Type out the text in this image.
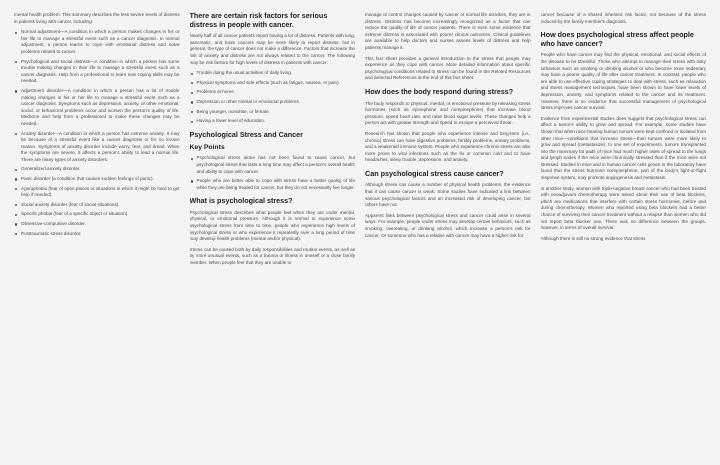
mental health problem. This summary describes the less severe levels of distress in patients living with cancer, including:

Normal adjustment—A condition in which a person makes changes in his or her life to manage a stressful event such as a cancer diagnosis. In normal adjustment, a person learns to cope with emotional distress and solve problems related to cancer.
Psychological and social distress—A condition in which a person has some trouble making changes in their life to manage a stressful event such as a cancer diagnosis. Help from a professional to learn new coping skills may be needed.
Adjustment disorder—A condition in which a person has a lot of trouble making changes in his or her life to manage a stressful event such as a cancer diagnosis. Symptoms such as depression, anxiety, or other emotional, social, or behavioral problems occur and worsen the person's quality of life. Medicine and help from a professional to make these changes may be needed.
Anxiety disorder—A condition in which a person has extreme anxiety. It may be because of a stressful event like a cancer diagnosis or for no known reason. Symptoms of anxiety disorder include worry, fear, and dread. When the symptoms are severe, it affects a person's ability to lead a normal life. There are many types of anxiety disorders:
Generalized anxiety disorder.
Panic disorder (a condition that causes sudden feelings of panic).
Agoraphobia (fear of open places or situations in which it might be hard to get help if needed).
Social anxiety disorder (fear of social situations).
Specific phobia (fear of a specific object or situation).
Obsessive-compulsive disorder.
Posttraumatic stress disorder.
There are certain risk factors for serious distress in people with cancer.

Nearly half of all cancer patients report having a lot of distress. Patients with lung, pancreatic, and brain cancers may be more likely to report distress, but in general, the type of cancer does not make a difference. Factors that increase the risk of anxiety and distress are not always related to the cancer. The following may be risk factors for high levels of distress in patients with cancer:

Trouble doing the usual activities of daily living.
Physical symptoms and side effects (such as fatigue, nausea, or pain).
Problems at home.
Depression or other mental or emotional problems.
Being younger, nonwhite, or female.
Having a lower level of education.
Psychological Stress and Cancer
Key Points
Psychological stress alone has not been found to cause cancer, but psychological stress that lasts a long time may affect a person's overall health and ability to cope with cancer.
People who are better able to cope with stress have a better quality of life while they are being treated for cancer, but they do not necessarily live longer.
What is psychological stress?

Psychological stress describes what people feel when they are under mental, physical, or emotional pressure. Although it is normal to experience some psychological stress from time to time, people who experience high levels of psychological stress or who experience it repeatedly over a long period of time may develop health problems (mental and/or physical).

Stress can be caused both by daily responsibilities and routine events, as well as by more unusual events, such as a trauma or illness in oneself or a close family member. When people feel that they are unable to

manage or control changes caused by cancer or normal life activities, they are in distress. Distress has become increasingly recognized as a factor that can reduce the quality of life of cancer patients. There is even some evidence that extreme distress is associated with poorer clinical outcomes. Clinical guidelines are available to help doctors and nurses assess levels of distress and help patients manage it.

This fact sheet provides a general introduction to the stress that people may experience as they cope with cancer. More detailed information about specific psychological conditions related to stress can be found in the Related Resources and Selected References at the end of this fact sheet.

How does the body respond during stress?

The body responds to physical, mental, or emotional pressure by releasing stress hormones (such as epinephrine and norepinephrine) that increase blood pressure, speed heart rate, and raise blood sugar levels. These changes help a person act with greater strength and speed to escape a perceived threat.

Research has shown that people who experience intense and long-term (i.e., chronic) stress can have digestive problems, fertility problems, urinary problems, and a weakened immune system. People who experience chronic stress are also more prone to viral infections such as the flu or common cold and to have headaches, sleep trouble, depression, and anxiety.

Can psychological stress cause cancer?

Although stress can cause a number of physical health problems, the evidence that it can cause cancer is weak. Some studies have indicated a link between various psychological factors and an increased risk of developing cancer, but others have not.

Apparent links between psychological stress and cancer could arise in several ways. For example, people under stress may develop certain behaviors, such as smoking, overeating, or drinking alcohol, which increase a person's risk for cancer. Or someone who has a relative with cancer may have a higher risk for

cancer because of a shared inherited risk factor, not because of the stress induced by the family member's diagnosis.

How does psychological stress affect people who have cancer?

People who have cancer may find the physical, emotional, and social effects of the disease to be stressful. Those who attempt to manage their stress with risky behaviors such as smoking or drinking alcohol or who become more sedentary may have a poorer quality of life after cancer treatment. In contrast, people who are able to use effective coping strategies to deal with stress, such as relaxation and stress management techniques, have been shown to have lower levels of depression, anxiety, and symptoms related to the cancer and its treatment. However, there is no evidence that successful management of psychological stress improves cancer survival.

Evidence from experimental studies does suggest that psychological stress can affect a tumor's ability to grow and spread. For example, some studies have shown that when mice bearing human tumors were kept confined or isolated from other mice—conditions that increase stress—their tumors were more likely to grow and spread (metastasize). In one set of experiments, tumors transplanted into the mammary fat pads of mice had much higher rates of spread to the lungs and lymph nodes if the mice were chronically stressed than if the mice were not stressed. Studies in mice and in human cancer cells grown in the laboratory have found that the stress hormone norepinephrine, part of the body's fight-or-flight response system, may promote angiogenesis and metastasis.

In another study, women with triple-negative breast cancer who had been treated with neoadjuvant chemotherapy were asked about their use of beta blockers, which are medications that interfere with certain stress hormones, before and during chemotherapy. Women who reported using beta blockers had a better chance of surviving their cancer treatment without a relapse than women who did not report beta blocker use. There was no difference between the groups, however, in terms of overall survival.

Although there is still no strong evidence that stress
